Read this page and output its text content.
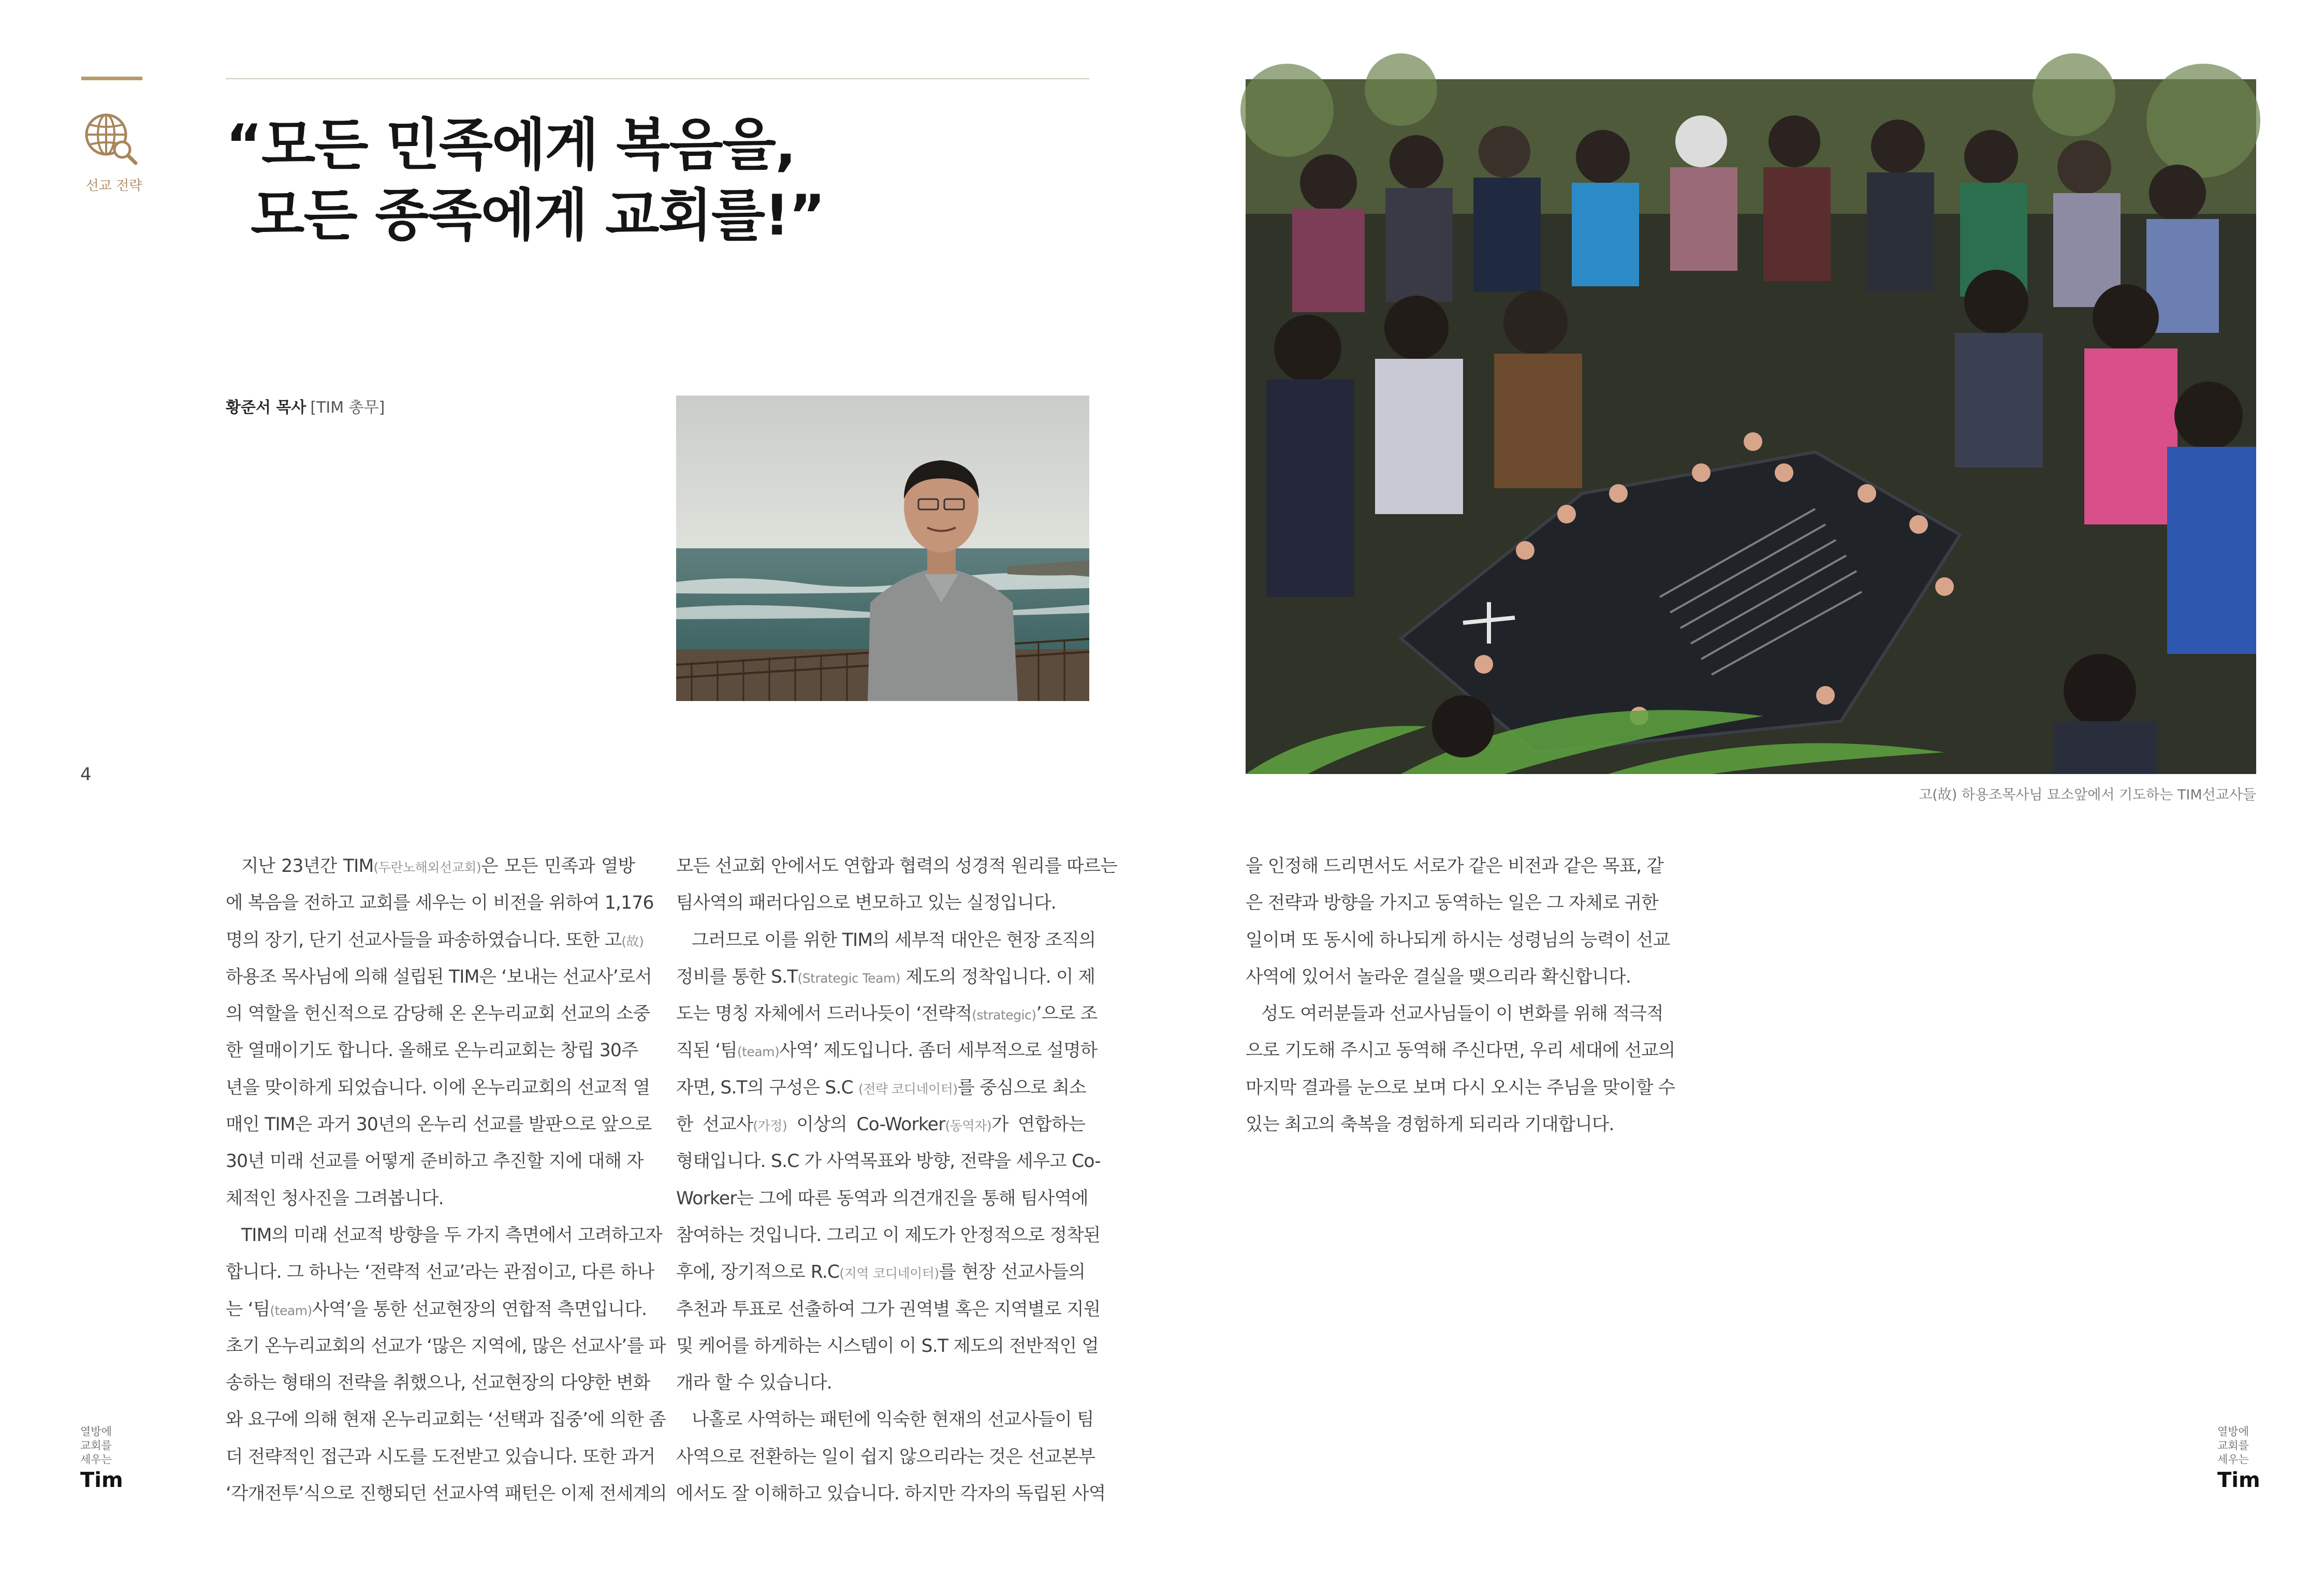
선교 전략
4
열방에
교회를
세우는
Tim
열방에
교회를
세우는
Tim
“모든 민족에게 복음을,
모든 종족에게 교회를!”
황준서 목사 [TIM 총무]
고(故) 하용조목사님 묘소앞에서 기도하는 TIM선교사들
지난 23년간 TIM(두란노해외선교회)은 모든 민족과 열방
에 복음을 전하고 교회를 세우는 이 비전을 위하여 1,176
명의 장기, 단기 선교사들을 파송하였습니다. 또한 고(故)
하용조 목사님에 의해 설립된 TIM은 ‘보내는 선교사’로서
의 역할을 헌신적으로 감당해 온 온누리교회 선교의 소중
한 열매이기도 합니다. 올해로 온누리교회는 창립 30주
년을 맞이하게 되었습니다. 이에 온누리교회의 선교적 열
매인 TIM은 과거 30년의 온누리 선교를 발판으로 앞으로
30년 미래 선교를 어떻게 준비하고 추진할 지에 대해 자
체적인 청사진을 그려봅니다.
TIM의 미래 선교적 방향을 두 가지 측면에서 고려하고자
합니다. 그 하나는 ‘전략적 선교’라는 관점이고, 다른 하나
는 ‘팀(team)사역’을 통한 선교현장의 연합적 측면입니다.
초기 온누리교회의 선교가 ‘많은 지역에, 많은 선교사’를 파
송하는 형태의 전략을 취했으나, 선교현장의 다양한 변화
와 요구에 의해 현재 온누리교회는 ‘선택과 집중’에 의한 좀
더 전략적인 접근과 시도를 도전받고 있습니다. 또한 과거
‘각개전투’식으로 진행되던 선교사역 패턴은 이제 전세계의
모든 선교회 안에서도 연합과 협력의 성경적 원리를 따르는
팀사역의 패러다임으로 변모하고 있는 실정입니다.
그러므로 이를 위한 TIM의 세부적 대안은 현장 조직의
정비를 통한 S.T(Strategic Team) 제도의 정착입니다. 이 제
도는 명칭 자체에서 드러나듯이 ‘전략적(strategic)’으로 조
직된 ‘팀(team)사역’ 제도입니다. 좀더 세부적으로 설명하
자면, S.T의 구성은 S.C (전략 코디네이터)를 중심으로 최소
한 선교사(가정) 이상의 Co-Worker(동역자)가 연합하는
형태입니다. S.C 가 사역목표와 방향, 전략을 세우고 Co-
Worker는 그에 따른 동역과 의견개진을 통해 팀사역에
참여하는 것입니다. 그리고 이 제도가 안정적으로 정착된
후에, 장기적으로 R.C(지역 코디네이터)를 현장 선교사들의
추천과 투표로 선출하여 그가 권역별 혹은 지역별로 지원
및 케어를 하게하는 시스템이 이 S.T 제도의 전반적인 얼
개라 할 수 있습니다.
나홀로 사역하는 패턴에 익숙한 현재의 선교사들이 팀
사역으로 전환하는 일이 쉽지 않으리라는 것은 선교본부
에서도 잘 이해하고 있습니다. 하지만 각자의 독립된 사역
을 인정해 드리면서도 서로가 같은 비전과 같은 목표, 같
은 전략과 방향을 가지고 동역하는 일은 그 자체로 귀한
일이며 또 동시에 하나되게 하시는 성령님의 능력이 선교
사역에 있어서 놀라운 결실을 맺으리라 확신합니다.
성도 여러분들과 선교사님들이 이 변화를 위해 적극적
으로 기도해 주시고 동역해 주신다면, 우리 세대에 선교의
마지막 결과를 눈으로 보며 다시 오시는 주님을 맞이할 수
있는 최고의 축복을 경험하게 되리라 기대합니다.
